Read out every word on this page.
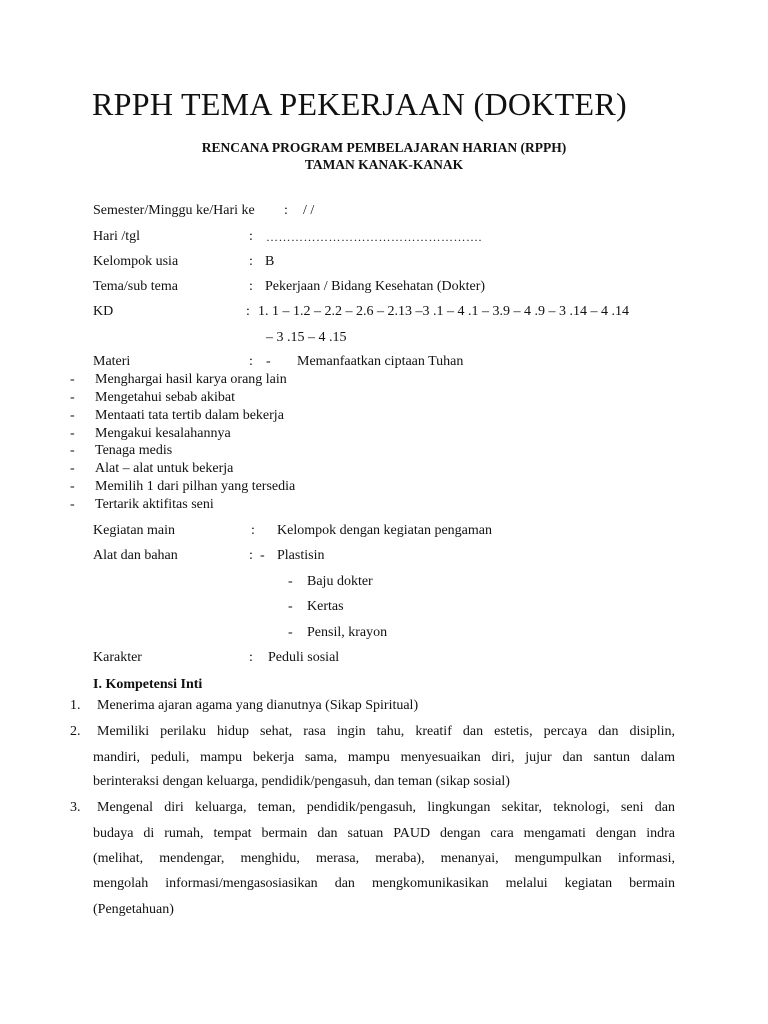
RPPH TEMA PEKERJAAN (DOKTER)
RENCANA PROGRAM PEMBELAJARAN HARIAN (RPPH)
TAMAN KANAK-KANAK
Semester/Minggu ke/Hari ke : / /
Hari /tgl	: …………………………………………….
Kelompok usia	: B
Tema/sub tema	: Pekerjaan / Bidang Kesehatan (Dokter)
KD	: 1. 1 – 1.2 – 2.2 – 2.6 – 2.13 –3 .1 – 4 .1 – 3.9 – 4 .9 – 3 .14 – 4 .14
– 3 .15 – 4 .15
Materi	: - Memanfaatkan ciptaan Tuhan
- Menghargai hasil karya orang lain
- Mengetahui sebab akibat
- Mentaati tata tertib dalam bekerja
- Mengakui kesalahannya
- Tenaga medis
- Alat – alat untuk bekerja
- Memilih 1 dari pilhan yang tersedia
- Tertarik aktifitas seni
Kegiatan main	: Kelompok dengan kegiatan pengaman
Alat dan bahan	: - Plastisin
- Baju dokter
- Kertas
- Pensil, krayon
Karakter	: Peduli sosial
I. Kompetensi Inti
1. Menerima ajaran agama yang dianutnya (Sikap Spiritual)
2. Memiliki perilaku hidup sehat, rasa ingin tahu, kreatif dan estetis, percaya dan disiplin,
mandiri, peduli, mampu bekerja sama, mampu menyesuaikan diri, jujur dan santun dalam
berinteraksi dengan keluarga, pendidik/pengasuh, dan teman (sikap sosial)
3. Mengenal diri keluarga, teman, pendidik/pengasuh, lingkungan sekitar, teknologi, seni dan
budaya di rumah, tempat bermain dan satuan PAUD dengan cara mengamati dengan indra
(melihat, mendengar, menghidu, merasa, meraba), menanyai, mengumpulkan informasi,
mengolah informasi/mengasosiasikan dan mengkomunikasikan melalui kegiatan bermain
(Pengetahuan)
